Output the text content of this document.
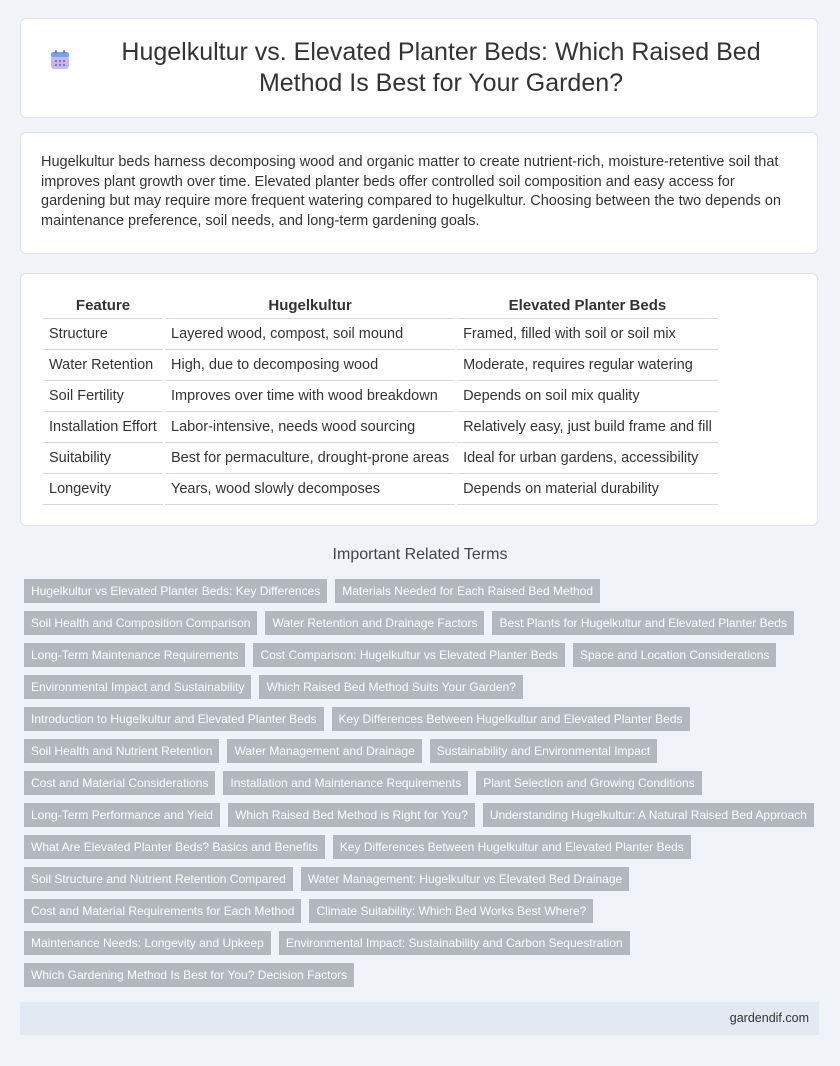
Hugelkultur vs. Elevated Planter Beds: Which Raised Bed Method Is Best for Your Garden?

Hugelkultur beds harness decomposing wood and organic matter to create nutrient-rich, moisture-retentive soil that improves plant growth over time. Elevated planter beds offer controlled soil composition and easy access for gardening but may require more frequent watering compared to hugelkultur. Choosing between the two depends on maintenance preference, soil needs, and long-term gardening goals.

Feature	Hugelkultur	Elevated Planter Beds
Structure	Layered wood, compost, soil mound	Framed, filled with soil or soil mix
Water Retention	High, due to decomposing wood	Moderate, requires regular watering
Soil Fertility	Improves over time with wood breakdown	Depends on soil mix quality
Installation Effort	Labor-intensive, needs wood sourcing	Relatively easy, just build frame and fill
Suitability	Best for permaculture, drought-prone areas	Ideal for urban gardens, accessibility
Longevity	Years, wood slowly decomposes	Depends on material durability
Important Related Terms
Hugelkultur vs Elevated Planter Beds: Key Differences	Materials Needed for Each Raised Bed Method
Soil Health and Composition Comparison	Water Retention and Drainage Factors	Best Plants for Hugelkultur and Elevated Planter Beds
Long-Term Maintenance Requirements	Cost Comparison: Hugelkultur vs Elevated Planter Beds	Space and Location Considerations
Environmental Impact and Sustainability	Which Raised Bed Method Suits Your Garden?
Introduction to Hugelkultur and Elevated Planter Beds	Key Differences Between Hugelkultur and Elevated Planter Beds
Soil Health and Nutrient Retention	Water Management and Drainage	Sustainability and Environmental Impact
Cost and Material Considerations	Installation and Maintenance Requirements	Plant Selection and Growing Conditions
Long-Term Performance and Yield	Which Raised Bed Method is Right for You?	Understanding Hugelkultur: A Natural Raised Bed Approach
What Are Elevated Planter Beds? Basics and Benefits	Key Differences Between Hugelkultur and Elevated Planter Beds
Soil Structure and Nutrient Retention Compared	Water Management: Hugelkultur vs Elevated Bed Drainage
Cost and Material Requirements for Each Method	Climate Suitability: Which Bed Works Best Where?
Maintenance Needs: Longevity and Upkeep	Environmental Impact: Sustainability and Carbon Sequestration
Which Gardening Method Is Best for You? Decision Factors
gardendif.com
